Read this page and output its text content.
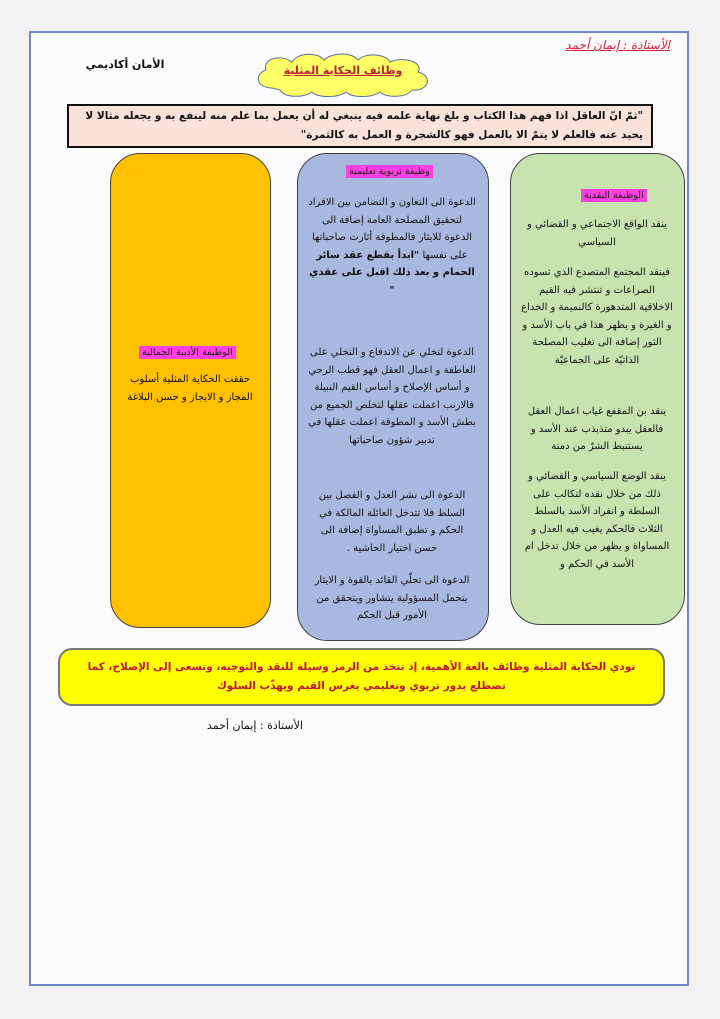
الأستاذة : إيمان أحمد
الأمان أكاديمي	وظائف الحكاية المثلية
"ثمّ انّ العاقل اذا فهم هذا الكتاب و بلغ نهاية علمه فيه ينبغي له أن يعمل بما علم منه لينفع به و يجعله مثالا لا يحيد عنه فالعلم لا يتمّ الا بالعمل فهو كالشجرة و العمل به كالثمرة"
الوظيفة الأدبية الجمالية
حققت الحكاية المثلية أسلوب المجاز و الايجاز و حسن البلاغة
وظيفة تربوية تعليمية
الدعوة الى التعاون و التضامن بين الافراد لتحقيق المصلحة العامة إضافة الى الدعوة للايثار فالمطوقة أثارت صاحباتها على نفسها "ابدأ بقطع عقد سائر الحمام و بعد ذلك اقبل على عقدي "
الدعوة لتخلي عن الاندفاع و التخلي على العاطفة و اعمال العقل فهو قطب الرحي و أساس الإصلاح و أساس القيم النبيلة فالارنب اعملت عقلها لتخلص الجميع من بطش الأسد و المطوقة اعملت عقلها في تدبير شؤون صاحباتها
الدعوة الى نشر العدل و الفصل بين السلط فلا تتدخل العائلة المالكة في الحكم و تطبق المساواة إضافة الى حسن اختيار الحاشية .
الدعوة الى تحلّي القائد بالقوة و الايثار يتحمل المسؤولية يتشاور ويتحقق من الأمور قبل الحكم
الوظيفة النقدية
ينقد الواقع الاجتماعي و القضائي و السياسي
فينقد المجتمع المتصدع الذي تسوده الصراعات و تنتشر فيه القيم الاخلاقية المتدهورة كالنميمة و الخداع و الغيرة و يظهر هذا في باب الأسد و الثور إضافة الى تغليب المصلحة الذاتيّة على الجماعيّة
ينقد بن المقفع غياب اعمال العقل فالعقل يبدو متذبذب عند الأسد و يستنبط الشرّ من دمنة
ينقد الوضع السياسي و القضائي و ذلك من خلال نقده لتكالب على السلطة و انفراد الأسد بالسلط الثلاث فالحكم يغيب فيه العدل و المساواة و يظهر من خلال تدخل ام الأسد في الحكم و
تودي الحكاية المثلية وظائف بالغة الأهمية، إذ تتخذ من الرمز وسيلة للنقد والتوجيه، وتسعى إلى الإصلاح، كما تضطلع بدور تربوي وتعليمي يغرس القيم ويهذّب السلوك
الأستاذة : إيمان أحمد
